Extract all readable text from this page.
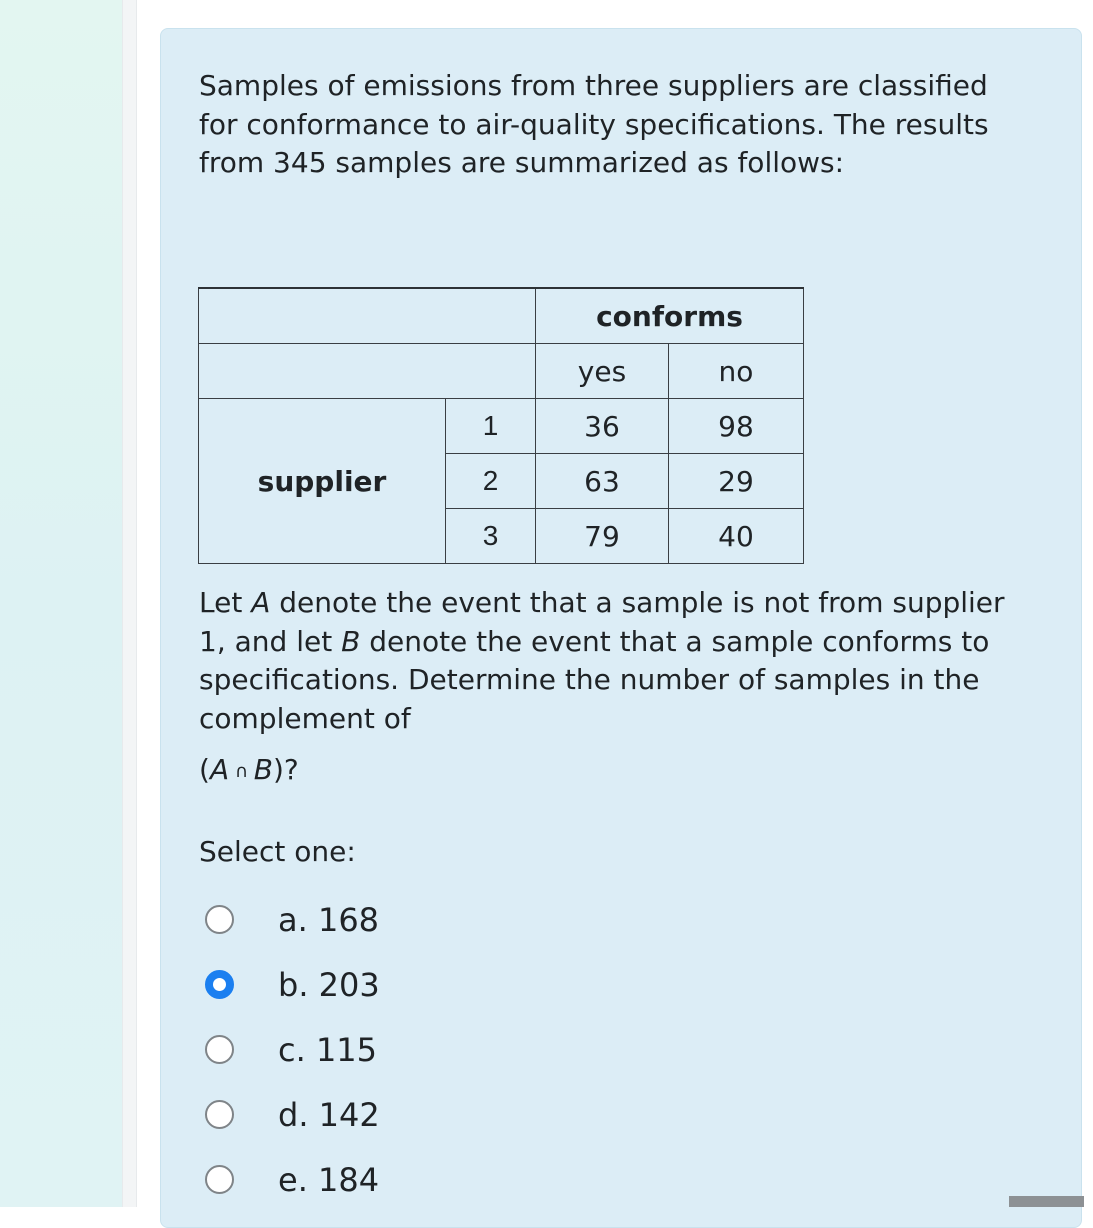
Samples of emissions from three suppliers are classified for conformance to air-quality specifications. The results from 345 samples are summarized as follows:

		conforms	
		yes	no
supplier	1	36	98
	2	63	29
	3	79	40

Let A denote the event that a sample is not from supplier 1, and let B denote the event that a sample conforms to specifications. Determine the number of samples in the complement of

(A ∩ B)?

Select one:
a. 168
b. 203
c. 115
d. 142
e. 184
